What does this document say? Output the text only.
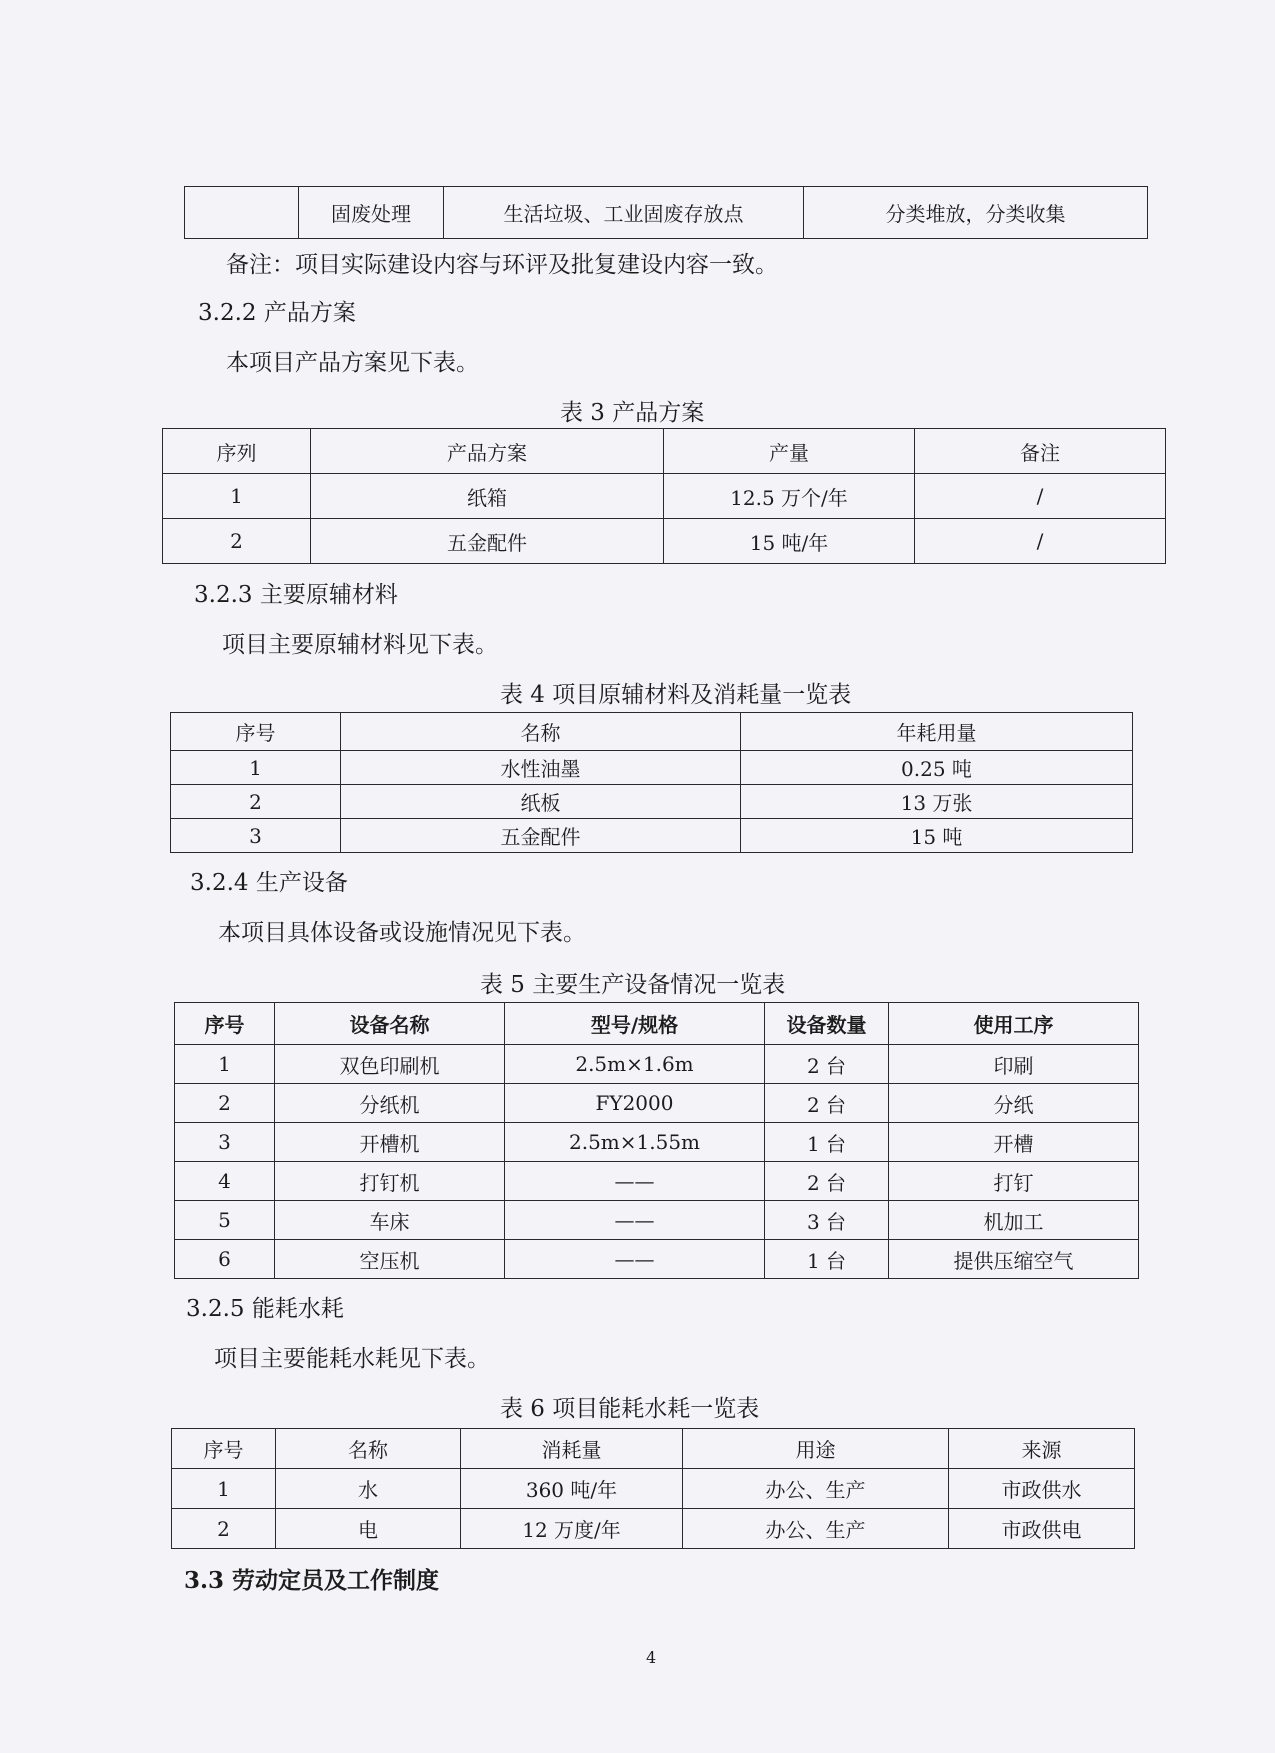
	固废处理	生活垃圾、工业固废存放点	分类堆放，分类收集
备注：项目实际建设内容与环评及批复建设内容一致。
3.2.2 产品方案
本项目产品方案见下表。
表 3 产品方案
序列	产品方案	产量	备注
1	纸箱	12.5 万个/年	/
2	五金配件	15 吨/年	/
3.2.3 主要原辅材料
项目主要原辅材料见下表。
表 4 项目原辅材料及消耗量一览表
序号	名称	年耗用量
1	水性油墨	0.25 吨
2	纸板	13 万张
3	五金配件	15 吨
3.2.4 生产设备
本项目具体设备或设施情况见下表。
表 5 主要生产设备情况一览表
序号	设备名称	型号/规格	设备数量	使用工序
1	双色印刷机	2.5m×1.6m	2 台	印刷
2	分纸机	FY2000	2 台	分纸
3	开槽机	2.5m×1.55m	1 台	开槽
4	打钉机	——	2 台	打钉
5	车床	——	3 台	机加工
6	空压机	——	1 台	提供压缩空气
3.2.5 能耗水耗
项目主要能耗水耗见下表。
表 6 项目能耗水耗一览表
序号	名称	消耗量	用途	来源
1	水	360 吨/年	办公、生产	市政供水
2	电	12 万度/年	办公、生产	市政供电
3.3 劳动定员及工作制度
4
